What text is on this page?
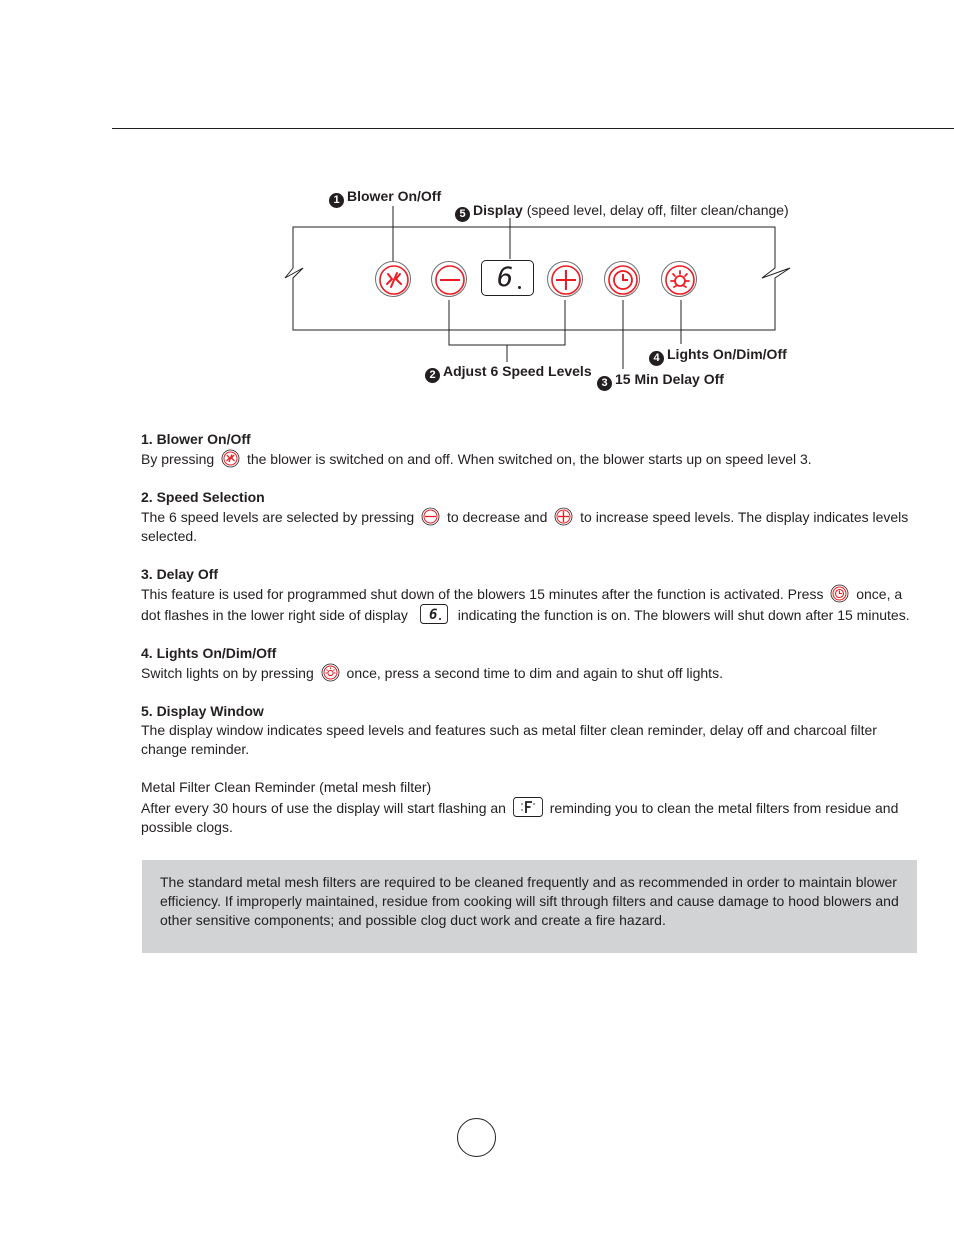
6
1 Blower On/Off
5 Display (speed level, delay off, filter clean/change)
2 Adjust 6 Speed Levels
3 15 Min Delay Off
4 Lights On/Dim/Off

1. Blower On/Off

By pressing the blower is switched on and off. When switched on, the blower starts up on speed level 3.

2. Speed Selection

The 6 speed levels are selected by pressing to decrease and to increase speed levels. The display indicates levels selected.

3. Delay Off

This feature is used for programmed shut down of the blowers 15 minutes after the function is activated. Press once, a dot flashes in the lower right side of display 6 indicating the function is on. The blowers will shut down after 15 minutes.

4. Lights On/Dim/Off

Switch lights on by pressing once, press a second time to dim and again to shut off lights.

5. Display Window

The display window indicates speed levels and features such as metal filter clean reminder, delay off and charcoal filter change reminder.

Metal Filter Clean Reminder (metal mesh filter)

After every 30 hours of use the display will start flashing an	reminding you to clean the metal filters from residue and possible clogs.

The standard metal mesh filters are required to be cleaned frequently and as recommended in order to maintain blower efficiency. If improperly maintained, residue from cooking will sift through filters and cause damage to hood blowers and other sensitive components; and possible clog duct work and create a fire hazard.
